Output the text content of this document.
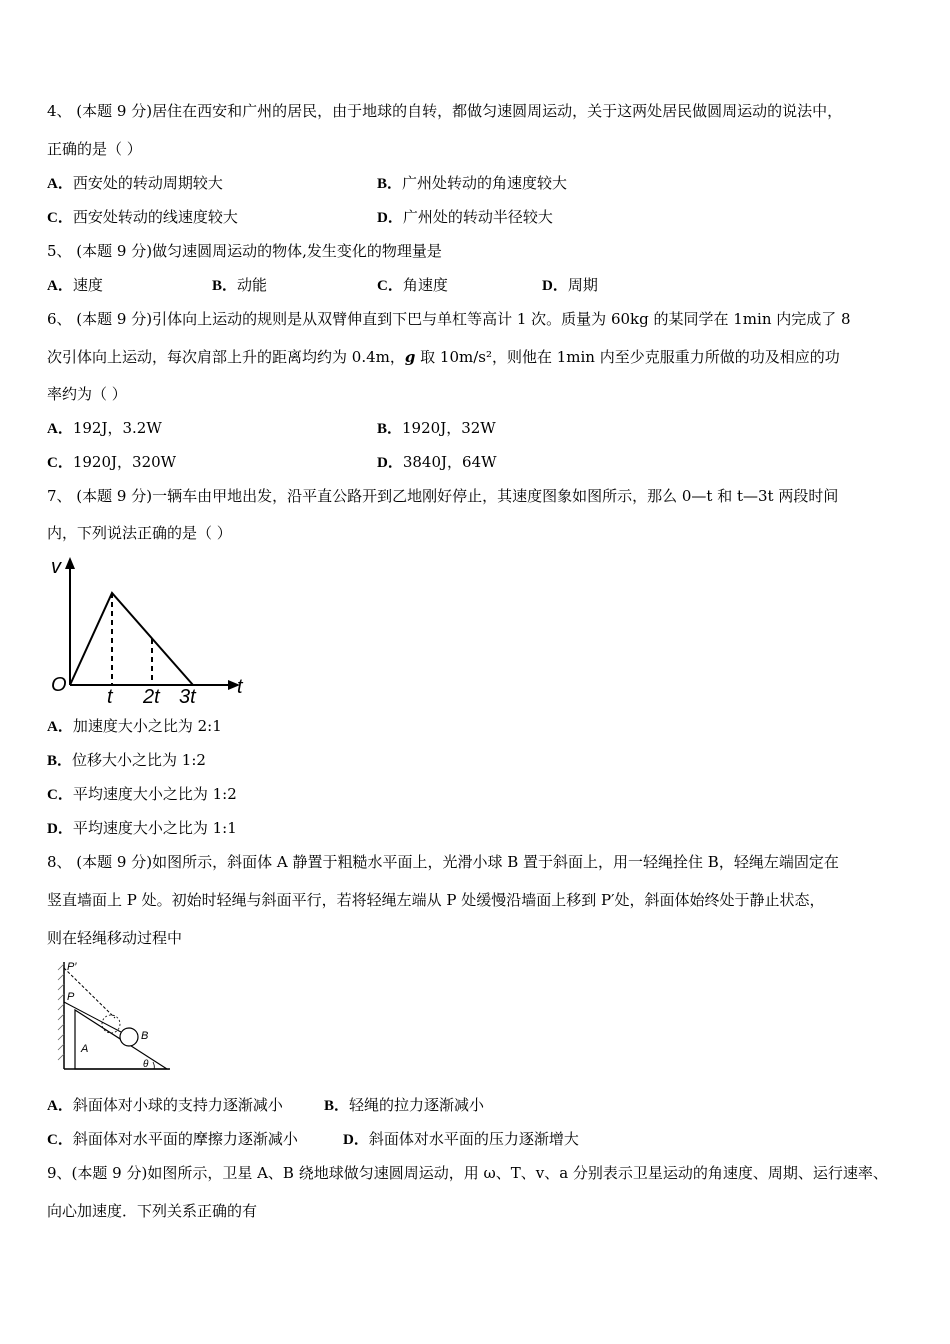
4、 (本题 9 分)居住在西安和广州的居民，由于地球的自转，都做匀速圆周运动，关于这两处居民做圆周运动的说法中，
正确的是（ ）
A．西安处的转动周期较大	B．广州处转动的角速度较大
C．西安处转动的线速度较大	D．广州处的转动半径较大
5、 (本题 9 分)做匀速圆周运动的物体,发生变化的物理量是
A．速度	B．动能	C．角速度	D．周期
6、 (本题 9 分)引体向上运动的规则是从双臂伸直到下巴与单杠等高计 1 次。质量为 60kg 的某同学在 1min 内完成了 8
次引体向上运动，每次肩部上升的距离均约为 0.4m，g 取 10m/s²，则他在 1min 内至少克服重力所做的功及相应的功
率约为（ ）
A．192J，3.2W	B．1920J，32W
C．1920J，320W	D．3840J，64W
7、 (本题 9 分)一辆车由甲地出发，沿平直公路开到乙地刚好停止，其速度图象如图所示，那么 0—t 和 t—3t 两段时间
内，下列说法正确的是（ ）
v
t
O
t 2t 3t
A．加速度大小之比为 2:1
B．位移大小之比为 1:2
C．平均速度大小之比为 1:2
D．平均速度大小之比为 1:1
8、 (本题 9 分)如图所示，斜面体 A 静置于粗糙水平面上，光滑小球 B 置于斜面上，用一轻绳拴住 B，轻绳左端固定在
竖直墙面上 P 处。初始时轻绳与斜面平行，若将轻绳左端从 P 处缓慢沿墙面上移到 P′处，斜面体始终处于静止状态，
则在轻绳移动过程中
P′
P
B
A
θ
A．斜面体对小球的支持力逐渐减小	B．轻绳的拉力逐渐减小
C．斜面体对水平面的摩擦力逐渐减小	D．斜面体对水平面的压力逐渐增大
9、(本题 9 分)如图所示，卫星 A、B 绕地球做匀速圆周运动，用 ω、T、v、a 分别表示卫星运动的角速度、周期、运行速率、
向心加速度．下列关系正确的有
